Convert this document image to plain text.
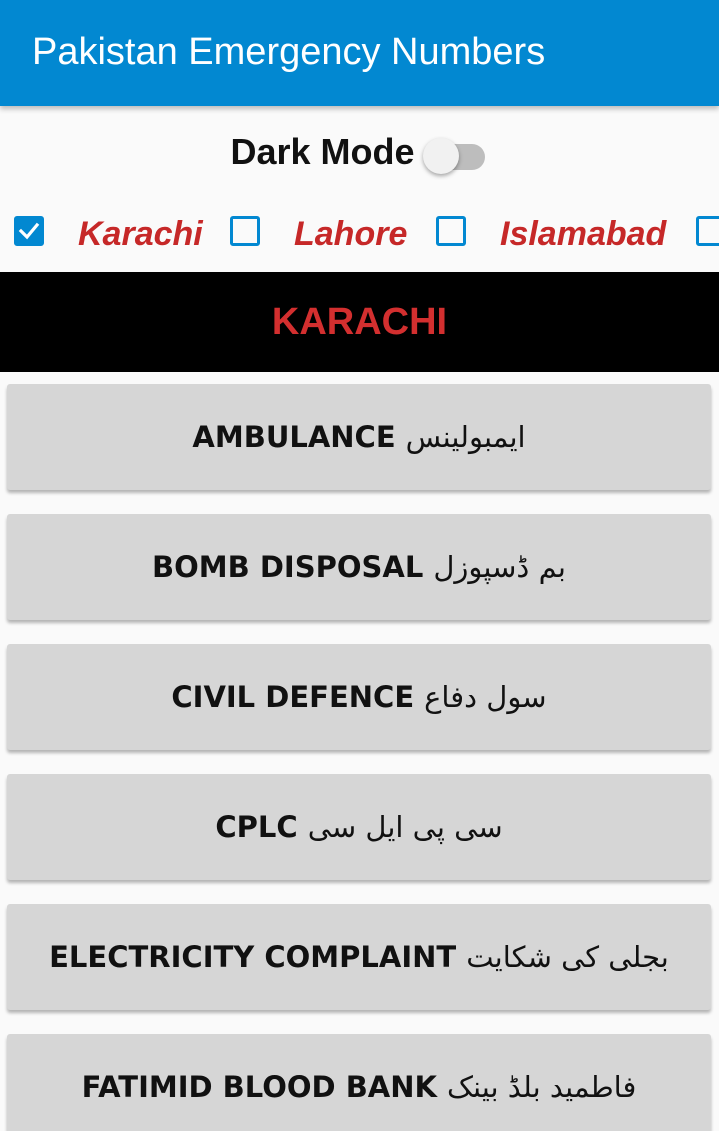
Pakistan Emergency Numbers
Dark Mode
Karachi	Lahore	Islamabad
KARACHI
AMBULANCE ایمبولینس
BOMB DISPOSAL بم ڈسپوزل
CIVIL DEFENCE سول دفاع
CPLC سی پی ایل سی
ELECTRICITY COMPLAINT بجلی کی شکایت
FATIMID BLOOD BANK فاطمید بلڈ بینک
